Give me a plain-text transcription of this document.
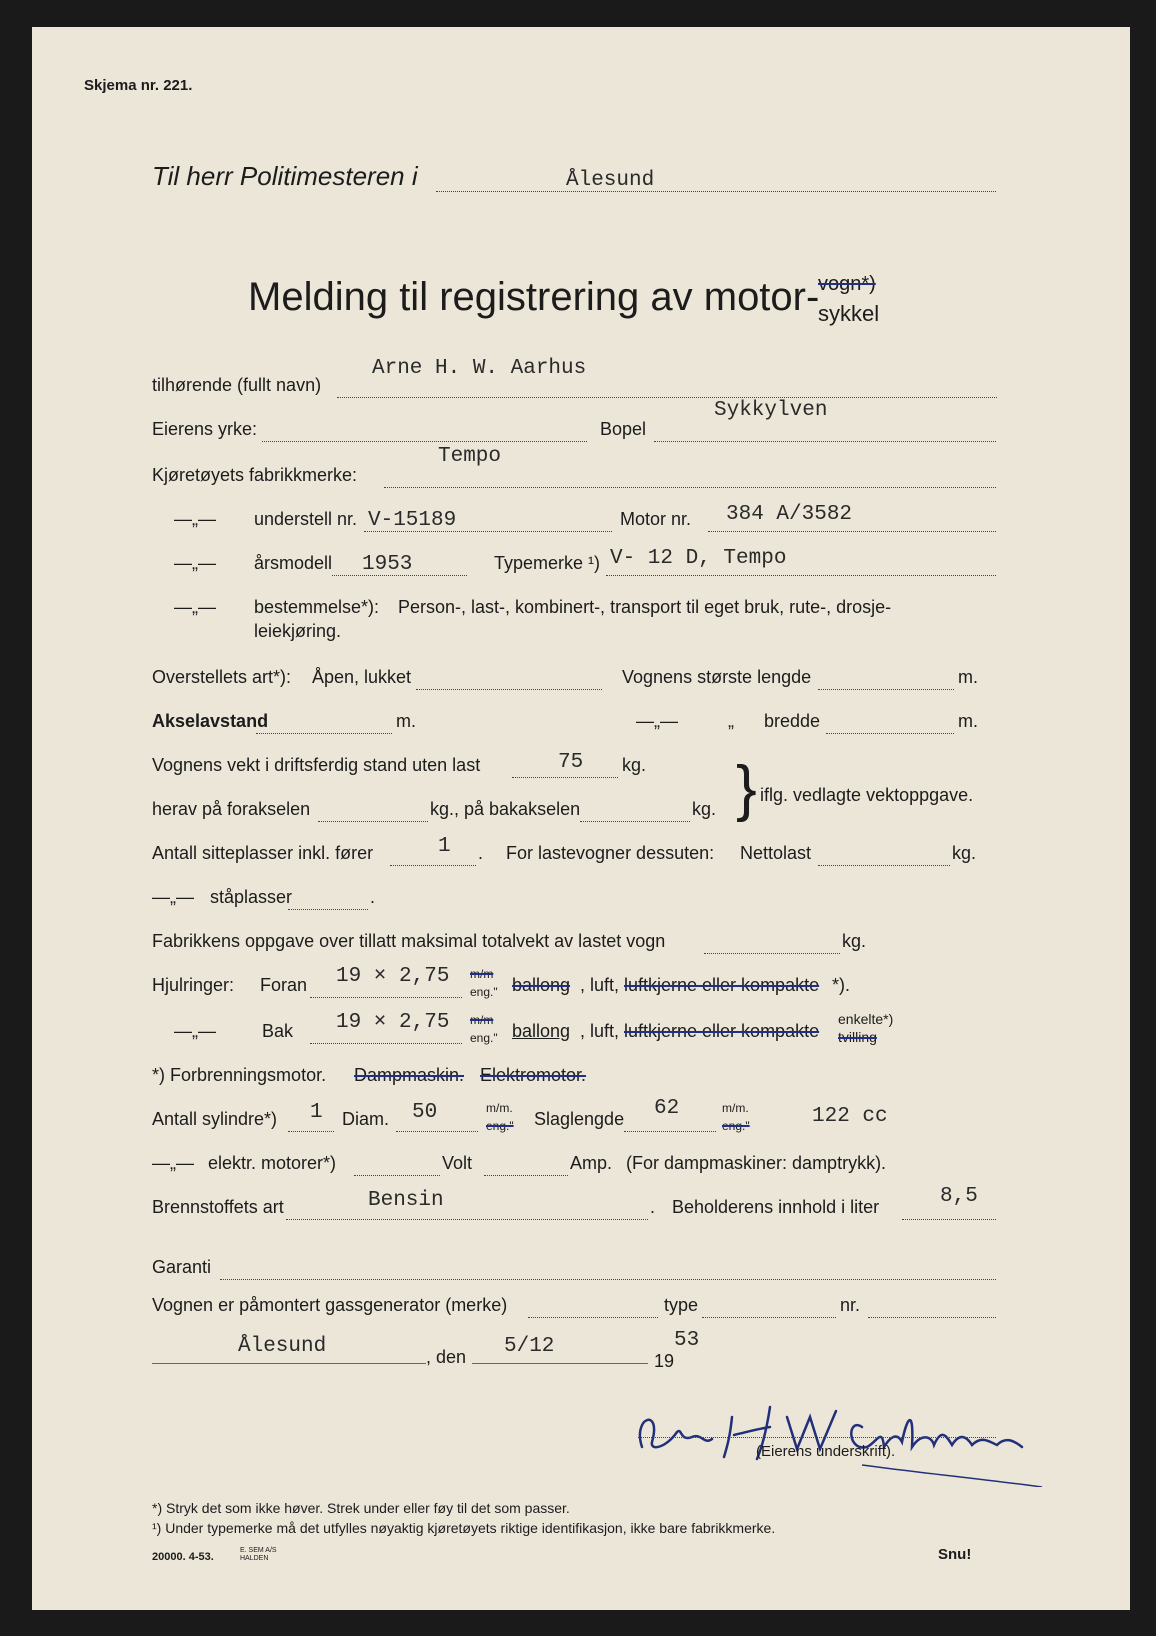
Skjema nr. 221.
Til herr Politimesteren i	Ålesund
Melding til registrering av motor-
vogn*)
sykkel
tilhørende (fullt navn)
Arne H. W. Aarhus
Eierens yrke:	Bopel
Sykkylven
Kjøretøyets fabrikkmerke:
Tempo
—„— understell nr. V-15189	Motor nr. 384 A/3582
—„— årsmodell 1953	Typemerke ¹) V- 12 D, Tempo
—„— bestemmelse*): Person-, last-, kombinert-, transport til eget bruk, rute-, drosje-
leiekjøring.
Overstellets art*): Åpen, lukket	Vognens største lengde	m.
Akselavstand	m.	—„—	„ bredde	m.
Vognens vekt i driftsferdig stand uten last	75 kg.
herav på forakselen	kg., på bakakselen	kg. } iflg. vedlagte vektoppgave.
Antall sitteplasser inkl. fører	1 . For lastevogner dessuten: Nettolast	kg.
—„— ståplasser	.
Fabrikkens oppgave over tillatt maksimal totalvekt av lastet vogn	kg.
Hjulringer: Foran 19 × 2,75 m/m
eng." ballong , luft, luftkjerne eller kompakte *).
—„—	Bak 19 × 2,75 m/m
eng." ballong , luft, luftkjerne eller kompakte
enkelte*)
tvilling
*) Forbrenningsmotor. Dampmaskin. Elektromotor.
Antall sylindre*) 1 Diam. 50	m/m.
eng." Slaglengde 62	m/m.
eng."	122 cc
—„— elektr. motorer*)	Volt	Amp. (For dampmaskiner: damptrykk).
Brennstoffets art	Bensin	. Beholderens innhold i liter	8,5
Garanti
Vognen er påmontert gassgenerator (merke)	type	nr.
Ålesund	, den 5/12
19
53
(Eierens underskrift).
*) Stryk det som ikke høver. Strek under eller føy til det som passer.
¹) Under typemerke må det utfylles nøyaktig kjøretøyets riktige identifikasjon, ikke bare fabrikkmerke.
20000. 4-53.
E. SEM A/S
HALDEN	Snu!
